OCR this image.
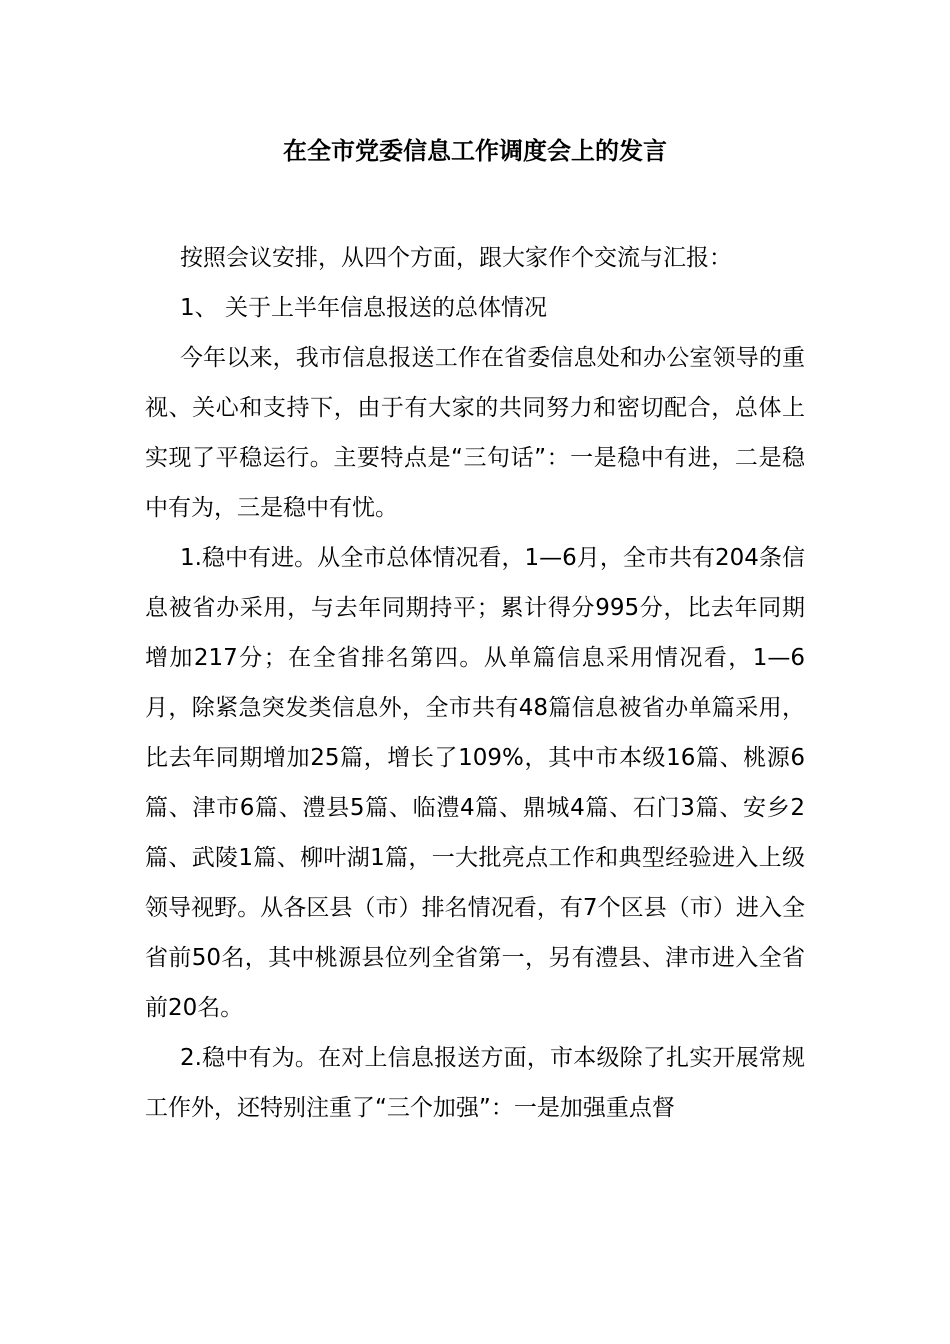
在全市党委信息工作调度会上的发言

按照会议安排，从四个方面，跟大家作个交流与汇报：

1、 关于上半年信息报送的总体情况

今年以来，我市信息报送工作在省委信息处和办公室领导的重视、关心和支持下，由于有大家的共同努力和密切配合，总体上实现了平稳运行。主要特点是“三句话”：一是稳中有进，二是稳中有为，三是稳中有忧。

1.稳中有进。从全市总体情况看，1—6月，全市共有204条信息被省办采用，与去年同期持平；累计得分995分，比去年同期增加217分；在全省排名第四。从单篇信息采用情况看，1—6月，除紧急突发类信息外，全市共有48篇信息被省办单篇采用，比去年同期增加25篇，增长了109%，其中市本级16篇、桃源6篇、津市6篇、澧县5篇、临澧4篇、鼎城4篇、石门3篇、安乡2篇、武陵1篇、柳叶湖1篇，一大批亮点工作和典型经验进入上级领导视野。从各区县（市）排名情况看，有7个区县（市）进入全省前50名，其中桃源县位列全省第一，另有澧县、津市进入全省前20名。

2.稳中有为。在对上信息报送方面，市本级除了扎实开展常规工作外，还特别注重了“三个加强”：一是加强重点督
